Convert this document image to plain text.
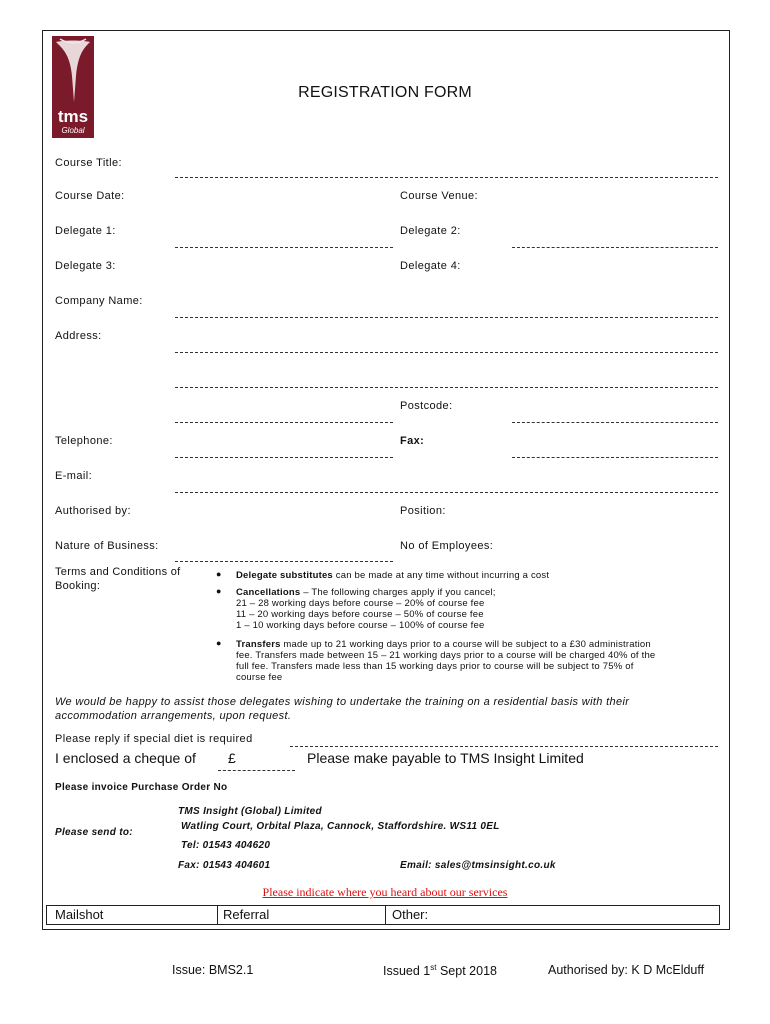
tms
Global
REGISTRATION FORM
Course Title:
Course Date:	Course Venue:
Delegate 1:	Delegate 2:
Delegate 3:	Delegate 4:
Company Name:
Address:
Postcode:
Telephone:	Fax:
E-mail:
Authorised by:	Position:
Nature of Business:	No of Employees:
Terms and Conditions of
Booking:
● Delegate substitutes can be made at any time without incurring a cost
● Cancellations – The following charges apply if you cancel;
21 – 28 working days before course – 20% of course fee
11 – 20 working days before course – 50% of course fee
1 – 10 working days before course – 100% of course fee
● Transfers made up to 21 working days prior to a course will be subject to a £30 administration
fee. Transfers made between 15 – 21 working days prior to a course will be charged 40% of the
full fee. Transfers made less than 15 working days prior to course will be subject to 75% of
course fee
We would be happy to assist those delegates wishing to undertake the training on a residential basis with their
accommodation arrangements, upon request.
Please reply if special diet is required
I enclosed a cheque of £	Please make payable to TMS Insight Limited
Please invoice Purchase Order No
Please send to:
TMS Insight (Global) Limited
Watling Court, Orbital Plaza, Cannock, Staffordshire. WS11 0EL
Tel: 01543 404620
Fax: 01543 404601	Email: sales@tmsinsight.co.uk
Please indicate where you heard about our services
Mailshot	Referral	Other:
Issue: BMS2.1	Issued 1st Sept 2018	Authorised by: K D McElduff
